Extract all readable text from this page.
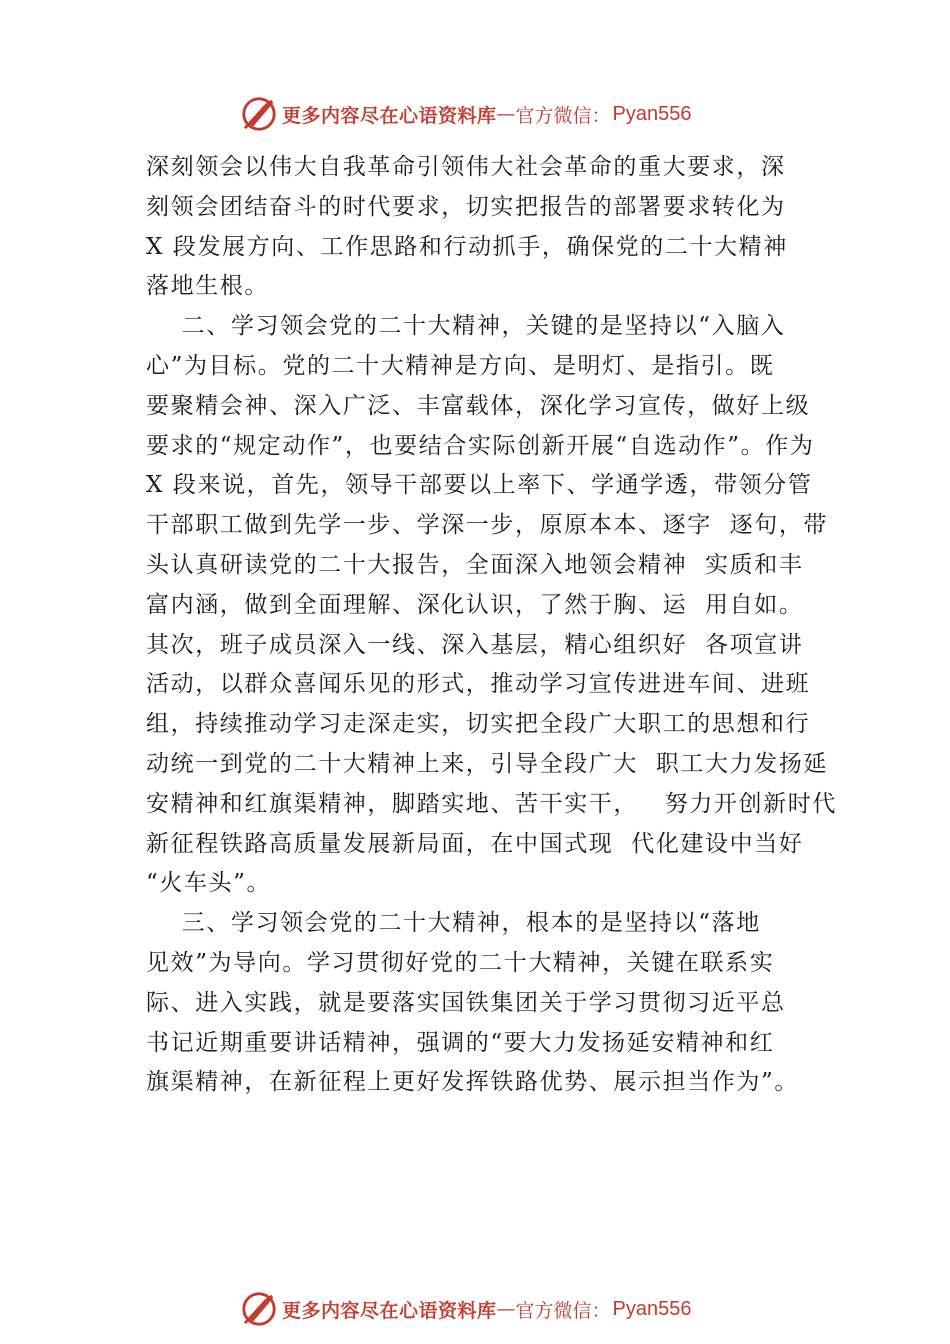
更多内容尽在心语资料库 — 官方微信： Pyan556
深刻领会以伟大自我革命引领伟大社会革命的重大要求，深
刻领会团结奋斗的时代要求，切实把报告的部署要求转化为
X 段发展方向、工作思路和行动抓手，确保党的二十大精神
落地生根。
二、学习领会党的二十大精神，关键的是坚持以“入脑入
心”为目标。党的二十大精神是方向、是明灯、是指引。既
要聚精会神、深入广泛、丰富载体，深化学习宣传，做好上级
要求的“规定动作”，也要结合实际创新开展“自选动作”。作为
X 段来说，首先，领导干部要以上率下、学通学透，带领分管
干部职工做到先学一步、学深一步，原原本本、逐字  逐句，带
头认真研读党的二十大报告，全面深入地领会精神  实质和丰
富内涵，做到全面理解、深化认识，了然于胸、运  用自如。
其次，班子成员深入一线、深入基层，精心组织好  各项宣讲
活动，以群众喜闻乐见的形式，推动学习宣传进进车间、进班
组，持续推动学习走深走实，切实把全段广大职工的思想和行
动统一到党的二十大精神上来，引导全段广大  职工大力发扬延
安精神和红旗渠精神，脚踏实地、苦干实干，   努力开创新时代
新征程铁路高质量发展新局面，在中国式现  代化建设中当好
“火车头”。
三、学习领会党的二十大精神，根本的是坚持以“落地
见效”为导向。学习贯彻好党的二十大精神，关键在联系实
际、进入实践，就是要落实国铁集团关于学习贯彻习近平总
书记近期重要讲话精神，强调的“要大力发扬延安精神和红
旗渠精神，在新征程上更好发挥铁路优势、展示担当作为”。
更多内容尽在心语资料库 — 官方微信： Pyan556
